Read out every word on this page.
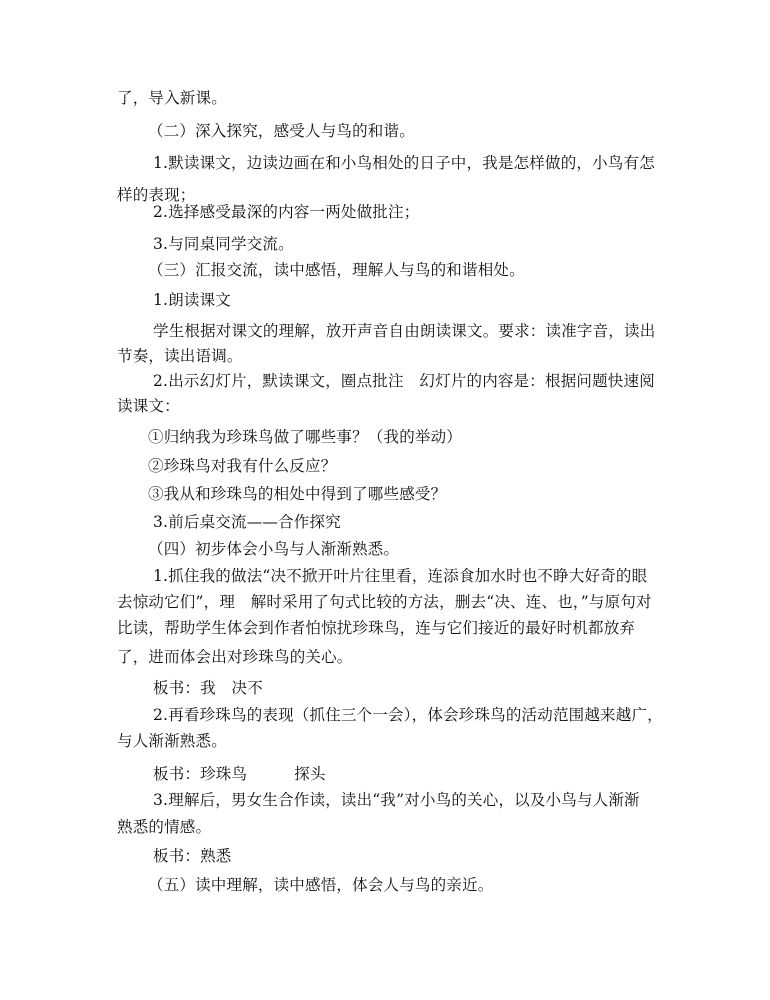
了，导入新课。
（二）深入探究，感受人与鸟的和谐。
1.默读课文，边读边画在和小鸟相处的日子中，我是怎样做的，小鸟有怎
样的表现；
2.选择感受最深的内容一两处做批注；
3.与同桌同学交流。
（三）汇报交流，读中感悟，理解人与鸟的和谐相处。
1.朗读课文
学生根据对课文的理解，放开声音自由朗读课文。要求：读准字音，读出
节奏，读出语调。
2.出示幻灯片，默读课文，圈点批注　幻灯片的内容是：根据问题快速阅
读课文：
①归纳我为珍珠鸟做了哪些事？（我的举动）
②珍珠鸟对我有什么反应？
③我从和珍珠鸟的相处中得到了哪些感受？
3.前后桌交流——合作探究
（四）初步体会小鸟与人渐渐熟悉。
1.抓住我的做法“决不掀开叶片往里看，连添食加水时也不睁大好奇的眼
去惊动它们”，理　解时采用了句式比较的方法，删去“决、连、也，”与原句对
比读，帮助学生体会到作者怕惊扰珍珠鸟，连与它们接近的最好时机都放弃
了，进而体会出对珍珠鸟的关心。
板书：我　决不
2.再看珍珠鸟的表现（抓住三个一会），体会珍珠鸟的活动范围越来越广，
与人渐渐熟悉。
板书：珍珠鸟　　　探头
3.理解后，男女生合作读，读出“我”对小鸟的关心，以及小鸟与人渐渐
熟悉的情感。
板书：熟悉
（五）读中理解，读中感悟，体会人与鸟的亲近。
